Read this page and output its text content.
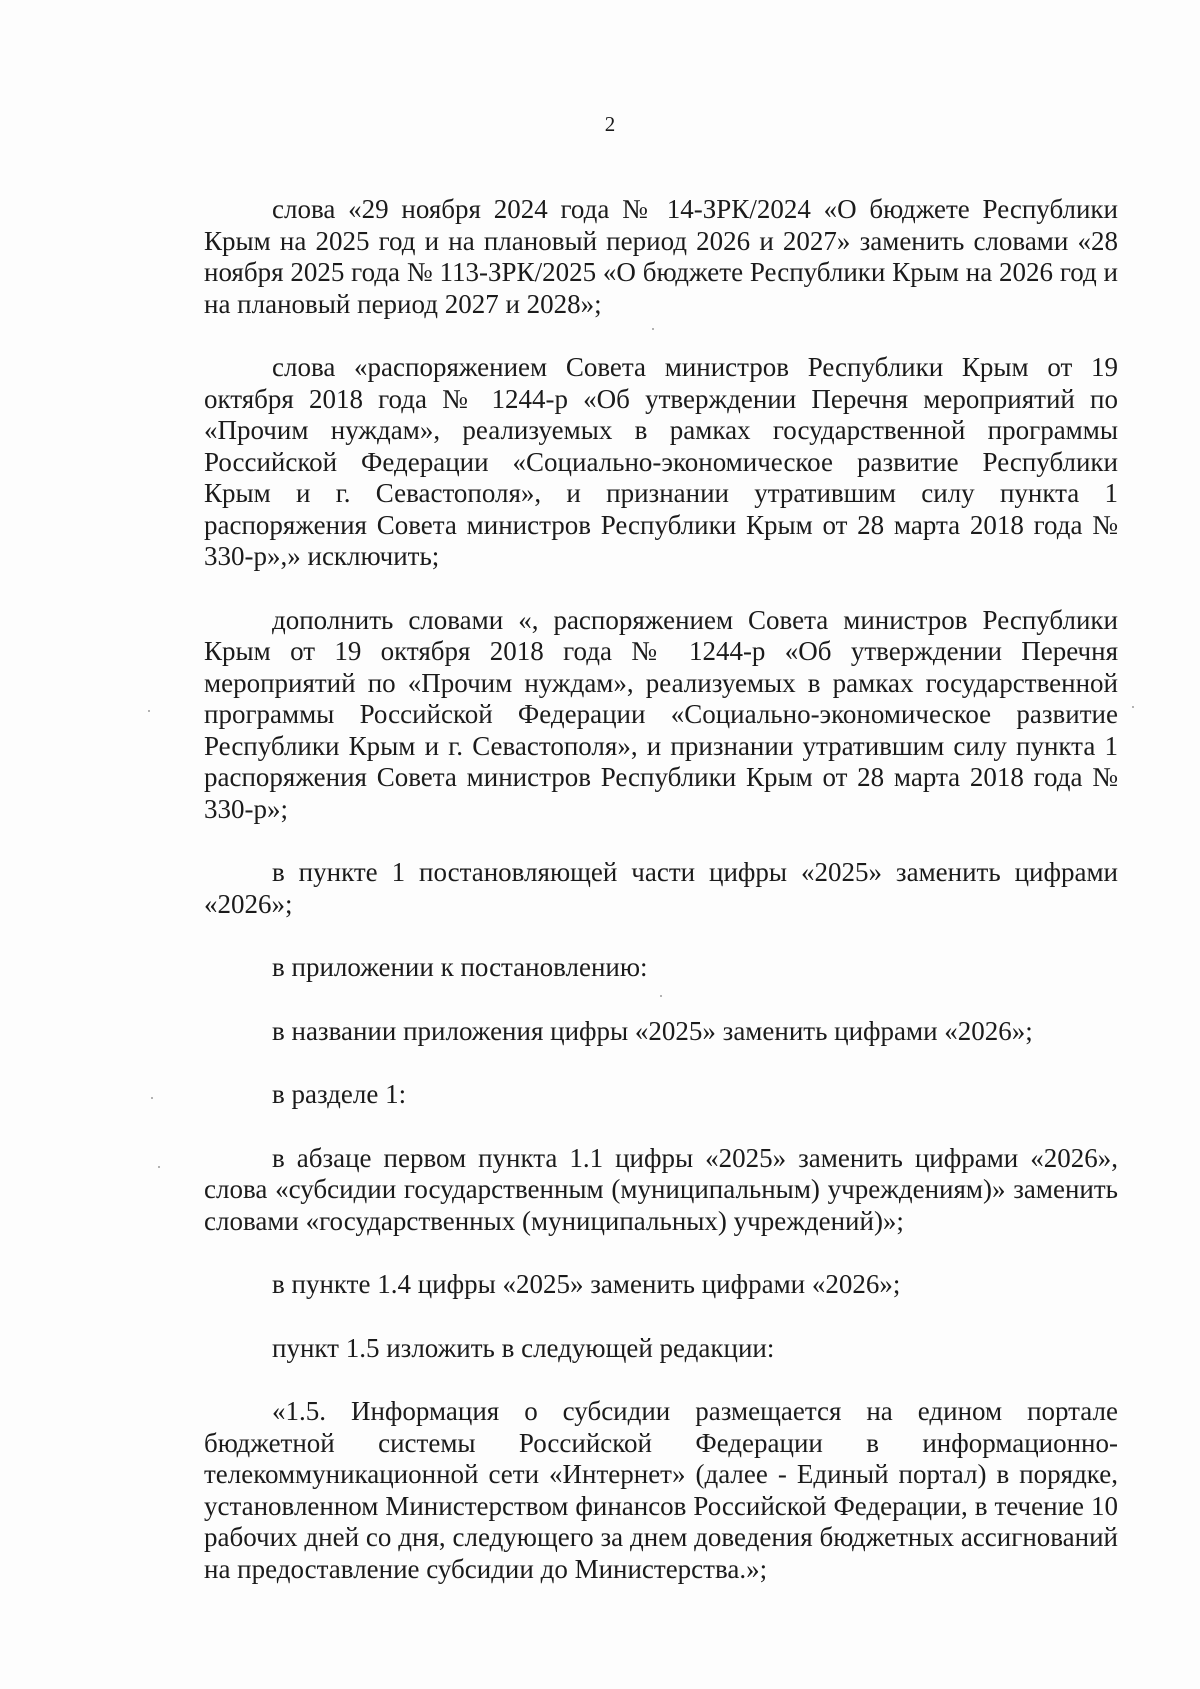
2

слова «29 ноября 2024 года № 14-ЗРК/2024 «О бюджете Республики Крым на 2025 год и на плановый период 2026 и 2027» заменить словами «28 ноября 2025 года № 113-ЗРК/2025 «О бюджете Республики Крым на 2026 год и на плановый период 2027 и 2028»;

слова «распоряжением Совета министров Республики Крым от 19 октября 2018 года № 1244-р «Об утверждении Перечня мероприятий по «Прочим нуждам», реализуемых в рамках государственной программы Российской Федерации «Социально-экономическое развитие Республики Крым и г. Севастополя», и признании утратившим силу пункта 1 распоряжения Совета министров Республики Крым от 28 марта 2018 года № 330-р»,» исключить;

дополнить словами «, распоряжением Совета министров Республики Крым от 19 октября 2018 года № 1244-р «Об утверждении Перечня мероприятий по «Прочим нуждам», реализуемых в рамках государственной программы Российской Федерации «Социально-экономическое развитие Республики Крым и г. Севастополя», и признании утратившим силу пункта 1 распоряжения Совета министров Республики Крым от 28 марта 2018 года № 330-р»;

в пункте 1 постановляющей части цифры «2025» заменить цифрами «2026»;

в приложении к постановлению:

в названии приложения цифры «2025» заменить цифрами «2026»;

в разделе 1:

в абзаце первом пункта 1.1 цифры «2025» заменить цифрами «2026», слова «субсидии государственным (муниципальным) учреждениям)» заменить словами «государственных (муниципальных) учреждений)»;

в пункте 1.4 цифры «2025» заменить цифрами «2026»;

пункт 1.5 изложить в следующей редакции:

«1.5. Информация о субсидии размещается на едином портале бюджетной системы Российской Федерации в информационно-телекоммуникационной сети «Интернет» (далее - Единый портал) в порядке, установленном Министерством финансов Российской Федерации, в течение 10 рабочих дней со дня, следующего за днем доведения бюджетных ассигнований на предоставление субсидии до Министерства.»;
